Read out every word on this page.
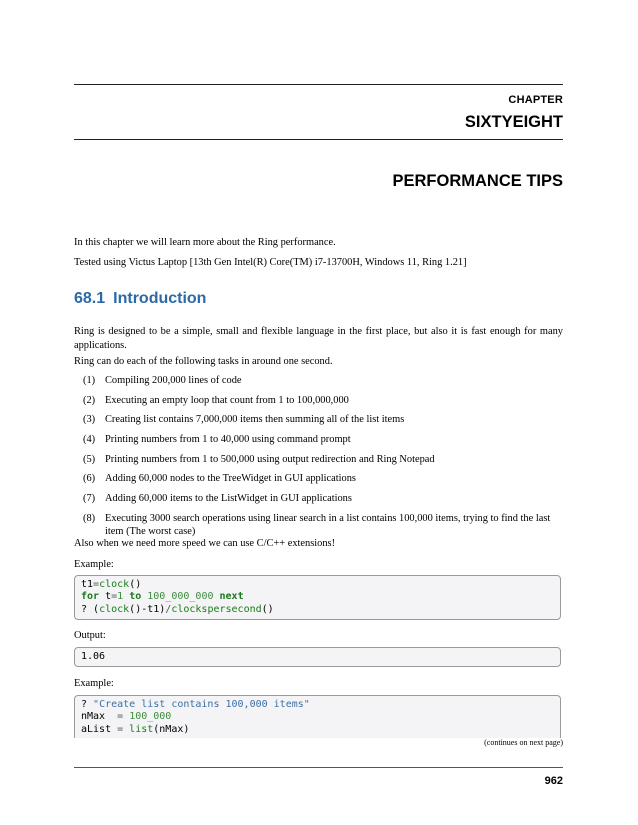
CHAPTER
SIXTYEIGHT
PERFORMANCE TIPS
In this chapter we will learn more about the Ring performance.
Tested using Victus Laptop [13th Gen Intel(R) Core(TM) i7-13700H, Windows 11, Ring 1.21]
68.1 Introduction
Ring is designed to be a simple, small and flexible language in the first place, but also it is fast enough for many applications.
Ring can do each of the following tasks in around one second.
(1) Compiling 200,000 lines of code
(2) Executing an empty loop that count from 1 to 100,000,000
(3) Creating list contains 7,000,000 items then summing all of the list items
(4) Printing numbers from 1 to 40,000 using command prompt
(5) Printing numbers from 1 to 500,000 using output redirection and Ring Notepad
(6) Adding 60,000 nodes to the TreeWidget in GUI applications
(7) Adding 60,000 items to the ListWidget in GUI applications
(8) Executing 3000 search operations using linear search in a list contains 100,000 items, trying to find the last item (The worst case)
Also when we need more speed we can use C/C++ extensions!
Example:
t1=clock()
for t=1 to 100_000_000 next
? (clock()-t1)/clockspersecond()
Output:
1.06
Example:
? "Create list contains 100,000 items"
nMax  = 100_000
aList = list(nMax)
(continues on next page)
962
